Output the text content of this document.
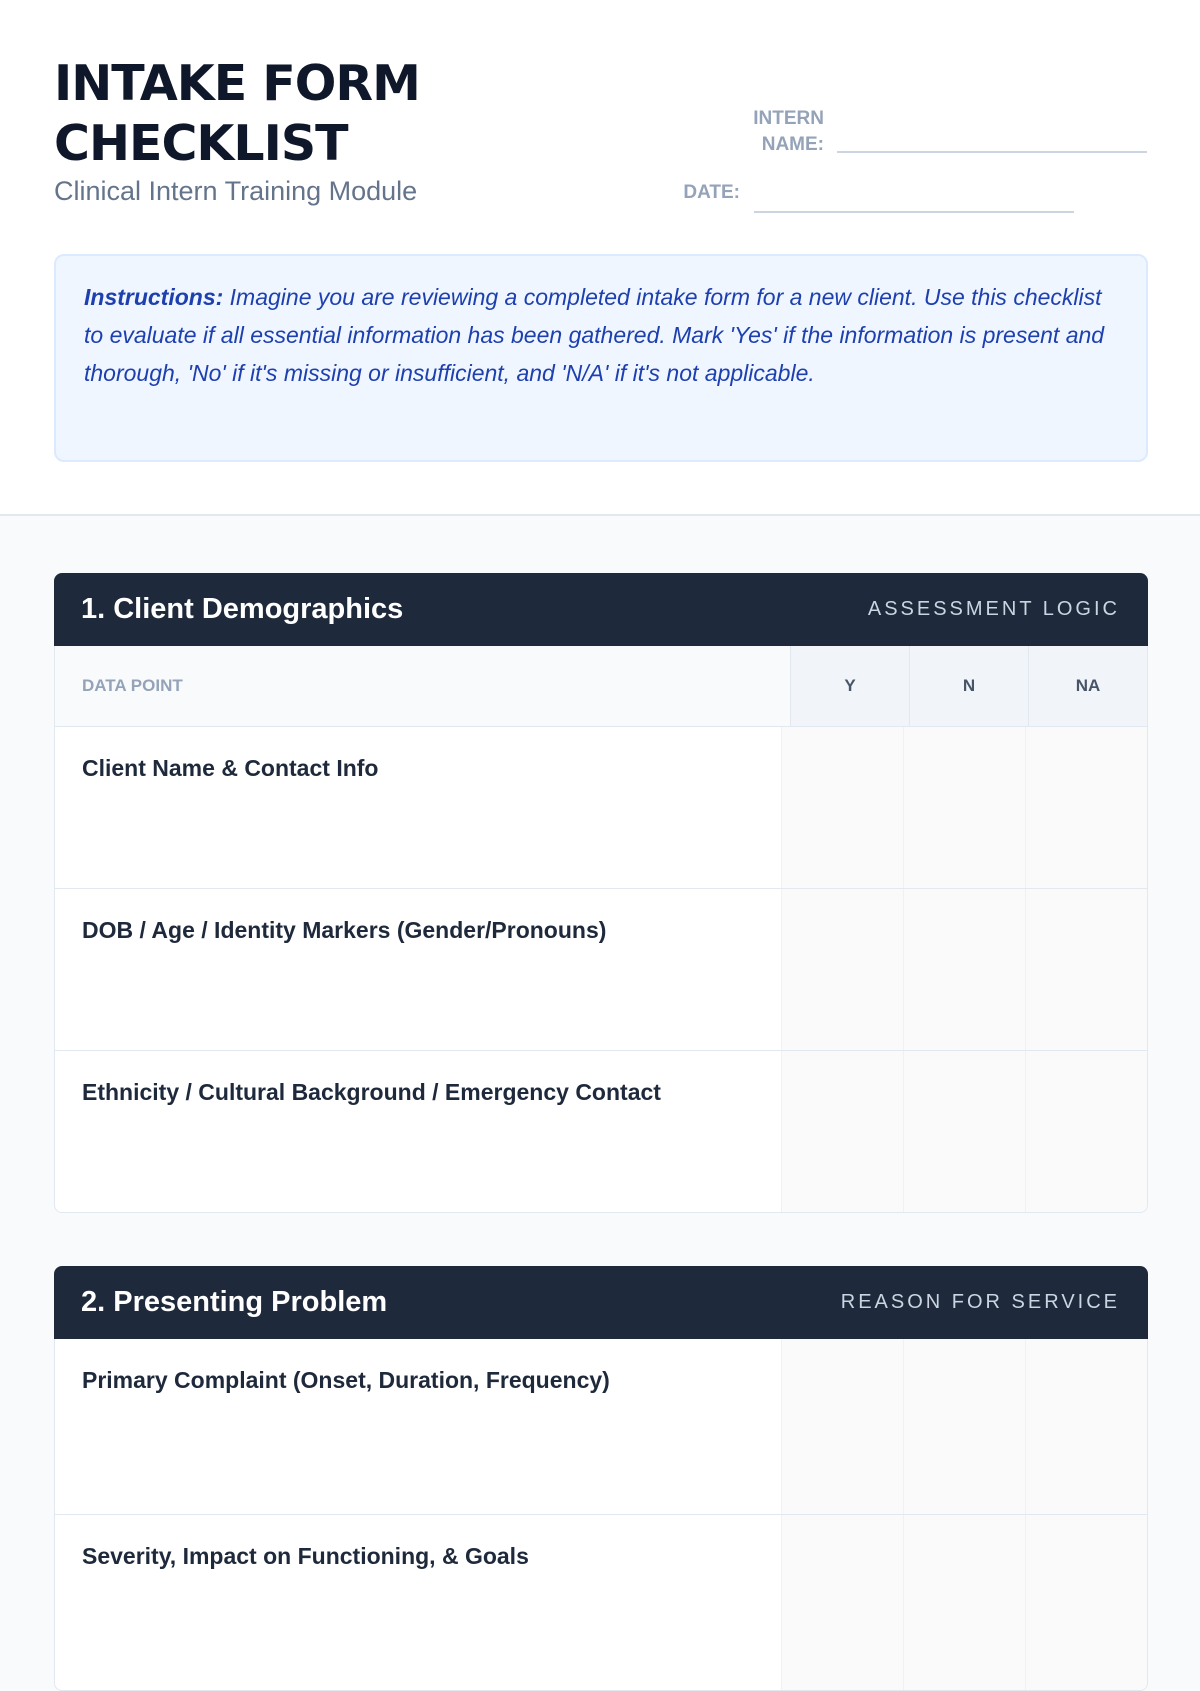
INTAKE FORM CHECKLIST
Clinical Intern Training Module
INTERN NAME:
DATE:
Instructions: Imagine you are reviewing a completed intake form for a new client. Use this checklist to evaluate if all essential information has been gathered. Mark 'Yes' if the information is present and thorough, 'No' if it's missing or insufficient, and 'N/A' if it's not applicable.
1. Client Demographics	ASSESSMENT LOGIC
DATA POINT	Y	N	NA
Client Name & Contact Info
DOB / Age / Identity Markers (Gender/Pronouns)
Ethnicity / Cultural Background / Emergency Contact
2. Presenting Problem	REASON FOR SERVICE
Primary Complaint (Onset, Duration, Frequency)
Severity, Impact on Functioning, & Goals
